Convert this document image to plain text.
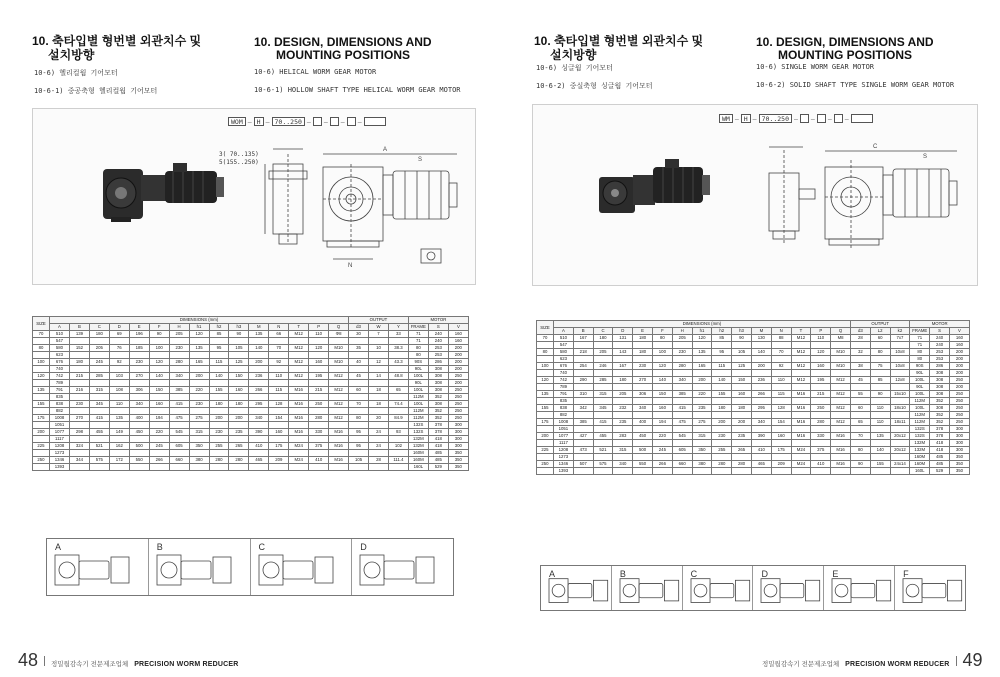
10. 축타입별 형번별 외관치수 및
설치방향
10. DESIGN, DIMENSIONS AND
MOUNTING POSITIONS
10-6) 헬리컬웜 기어모터
10-6-1) 중공축형 헬리컬웜 기어모터
10-6) HELICAL WORM GEAR MOTOR
10-6-1) HOLLOW SHAFT TYPE HELICAL WORM GEAR MOTOR
WOM – H – 70..250 – – – –
3( 70..135)
5(155..250)
A
S
N
SIZE	DIMENSIONS (mm)															OUTPUT			MOTOR		
	A	B	C	D	E	F	H	h1	h2	h3	M	N	T	P	Q	d3	W	Y	FRAME	S	V
70	510	139	180	69	196	90	205	120	85	90	135	66	M12	110	Φ8	30	7	33	71	240	160
	547																		71	240	160
80	580	152	205	76	185	100	230	135	95	105	140	70	M12	120	M10	35	10	38.3	80	253	200
	623																		80	253	200
100	676	180	245	92	230	120	280	165	115	125	200	92	M12	160	M10	40	12	43.3	90S	286	200
	740																		90L	308	200
120	742	215	285	103	270	140	340	200	140	150	236	110	M12	195	M12	45	14	48.8	100L	308	250
	789																		90L	308	200
135	791	216	315	108	306	150	385	220	155	160	266	115	M16	215	M12	60	18	65	100L	308	250
	835																		112M	352	250
155	838	230	345	110	340	160	415	230	180	180	295	128	M16	250	M12	70	18	74.4	100L	308	250
	882																		112M	352	250
175	1008	270	415	135	400	194	475	275	200	200	340	154	M16	280	M12	80	20	84.9	112M	352	250
	1051																		132S	378	300
200	1077	298	455	149	450	220	545	315	230	235	390	160	M16	330	M16	95	24	93	132S	378	300
	1117																		132M	418	300
225	1208	324	521	162	500	245	605	350	255	265	410	175	M24	375	M16	95	24	102	132M	418	300
	1273																		160M	485	350
250	1346	344	575	172	550	266	660	380	280	280	465	209	M24	410	M16	105	28	111.4	160M	485	350
	1393																		160L	529	350
A	B	C	D
48 정밀웜감속기 전문제조업체 PRECISION WORM REDUCER
10. 축타입별 형번별 외관치수 및
설치방향
10. DESIGN, DIMENSIONS AND
MOUNTING POSITIONS
10-6) 싱글웜 기어모터
10-6-2) 중실축형 싱글웜 기어모터
10-6) SINGLE WORM GEAR MOTOR
10-6-2) SOLID SHAFT TYPE SINGLE WORM GEAR MOTOR
WM – H – 70..250 – – – –
C
S
SIZE	DIMENSIONS (mm)															OUTPUT			MOTOR		
	A	B	C	D	E	F	H	h1	h2	h3	M	N	T	P	Q	d3	L2	k2	FRAME	S	V
70	510	167	180	131	180	80	205	120	85	90	130	88	M12	110	M8	28	60	7x7	71	240	160
	547																		71	240	160
80	580	218	205	143	180	100	230	135	95	105	140	70	M12	120	M10	32	80	10x8	80	253	200
	623																		80	253	200
100	676	254	246	167	230	120	280	165	115	125	200	92	M12	160	M10	38	75	10x8	90S	286	200
	740																		90L	308	200
120	742	290	285	180	270	140	340	200	140	150	236	110	M12	195	M12	45	85	12x8	100L	308	250
	789																		90L	308	200
135	791	310	315	205	306	150	385	220	155	160	266	115	M16	215	M12	55	90	15x10	100L	308	250
	835																		112M	352	250
155	838	342	345	232	340	160	415	235	180	180	295	128	M16	250	M12	60	110	18x10	100L	308	250
	882																		112M	352	250
175	1008	385	415	235	400	194	475	275	200	200	340	154	M16	280	M12	65	110	18x11	112M	352	250
	1051																		132S	378	300
200	1077	427	455	283	450	220	545	315	230	235	390	160	M16	330	M16	70	135	20x12	132S	378	300
	1117																		132M	418	300
225	1208	473	521	315	500	245	605	350	255	265	410	175	M24	375	M16	80	140	20x12	132M	418	300
	1273																		160M	485	350
250	1346	507	575	340	550	266	660	380	280	280	465	209	M24	410	M16	90	155	24x14	160M	485	350
	1393																		160L	529	350
A	B	C	D	E	F
정밀웜감속기 전문제조업체 PRECISION WORM REDUCER 49
